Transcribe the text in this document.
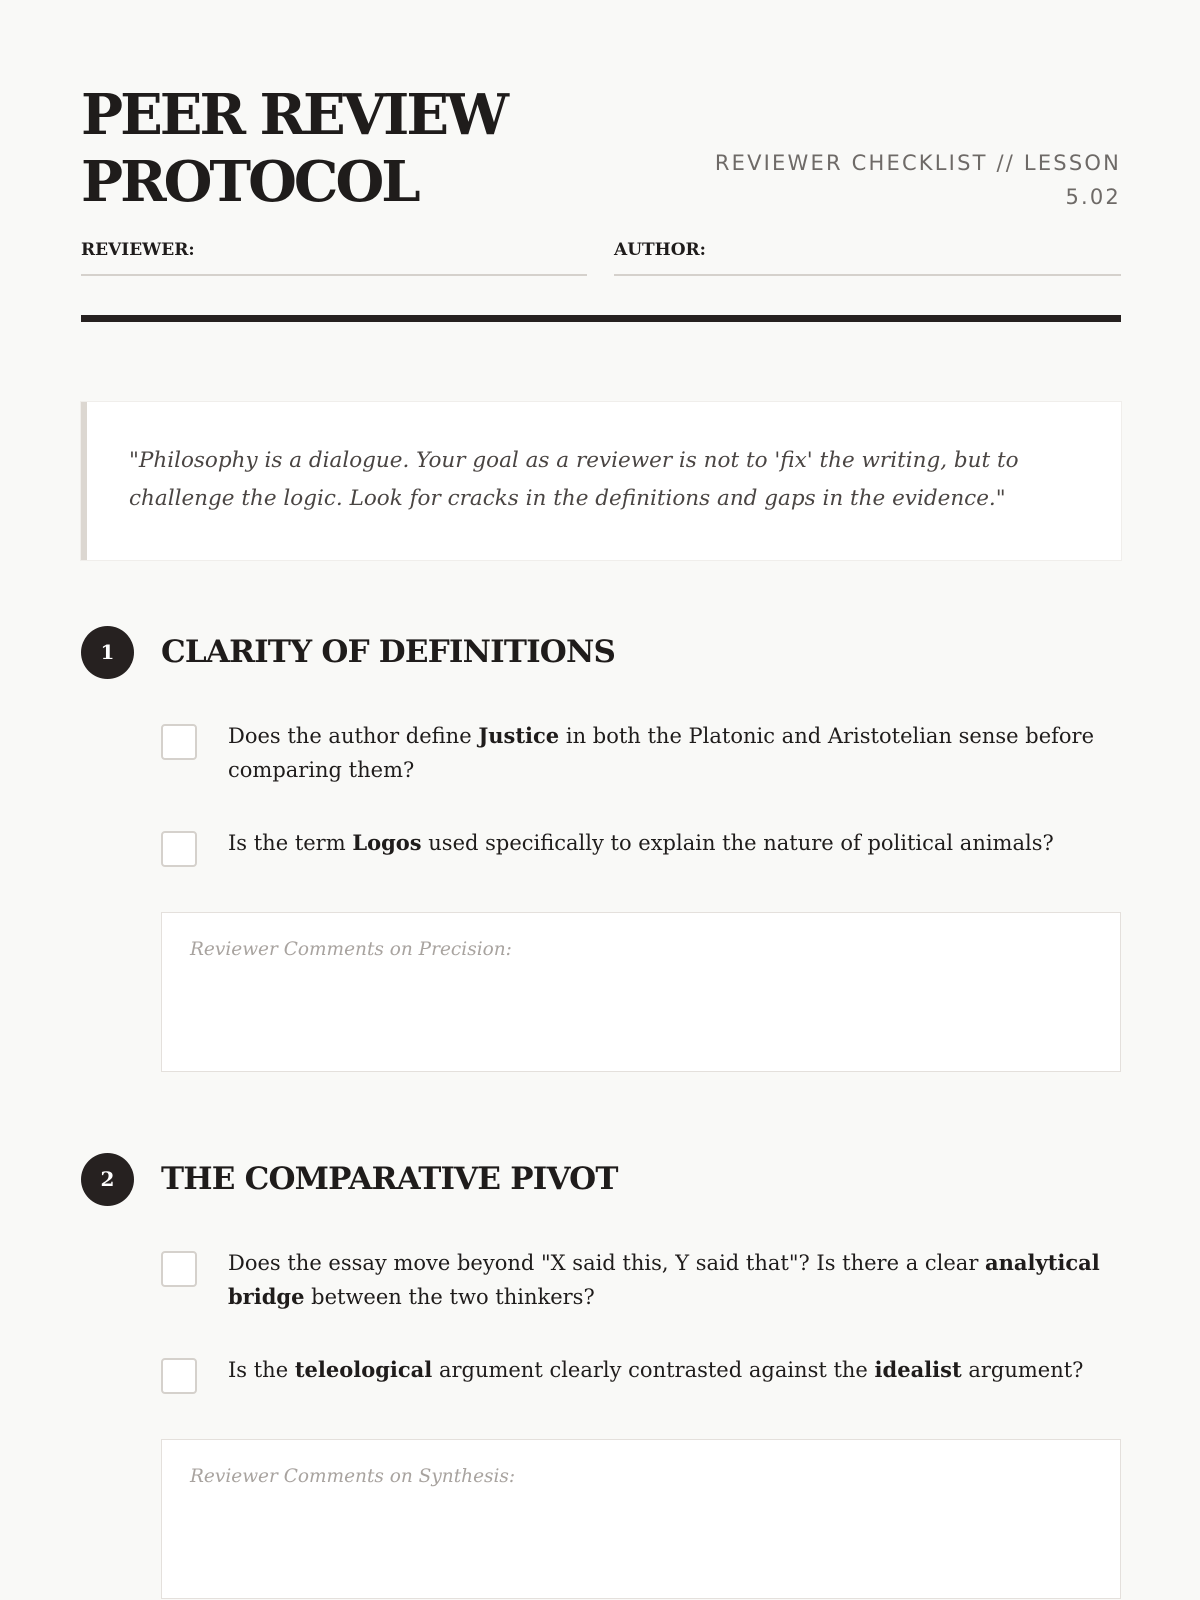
PEER REVIEW
PROTOCOL	REVIEWER CHECKLIST // LESSON 5.02
REVIEWER:	AUTHOR:
"Philosophy is a dialogue. Your goal as a reviewer is not to 'fix' the writing, but to challenge the logic. Look for cracks in the definitions and gaps in the evidence."
1	CLARITY OF DEFINITIONS
Does the author define Justice in both the Platonic and Aristotelian sense before comparing them?
Is the term Logos used specifically to explain the nature of political animals?
Reviewer Comments on Precision:
2	THE COMPARATIVE PIVOT
Does the essay move beyond "X said this, Y said that"? Is there a clear analytical bridge between the two thinkers?
Is the teleological argument clearly contrasted against the idealist argument?
Reviewer Comments on Synthesis:
